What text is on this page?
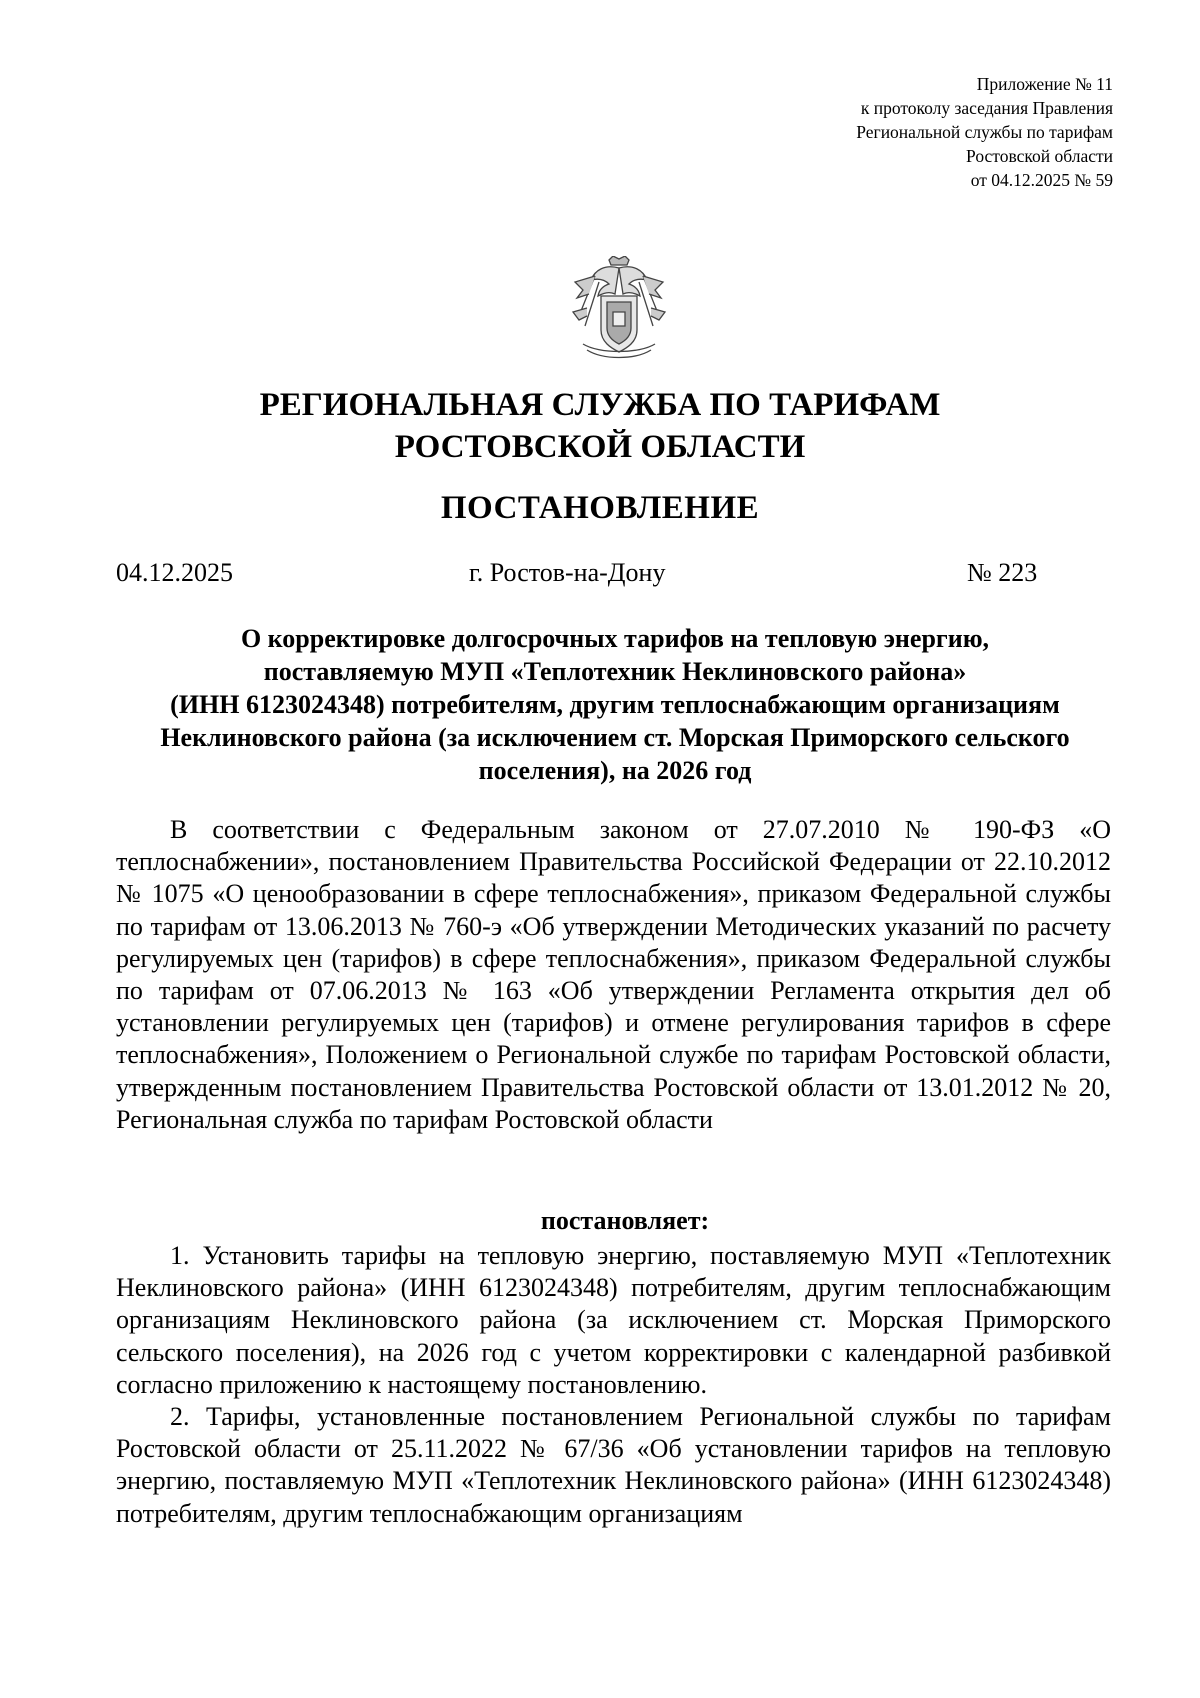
Приложение № 11
к протоколу заседания Правления
Региональной службы по тарифам
Ростовской области
от 04.12.2025 № 59
РЕГИОНАЛЬНАЯ СЛУЖБА ПО ТАРИФАМ
РОСТОВСКОЙ ОБЛАСТИ
ПОСТАНОВЛЕНИЕ
04.12.2025	г. Ростов-на-Дону	№ 223
О корректировке долгосрочных тарифов на тепловую энергию,
поставляемую МУП «Теплотехник Неклиновского района»
(ИНН 6123024348) потребителям, другим теплоснабжающим организациям
Неклиновского района (за исключением ст. Морская Приморского сельского
поселения), на 2026 год

В соответствии с Федеральным законом от 27.07.2010 № 190-ФЗ «О теплоснабжении», постановлением Правительства Российской Федерации от 22.10.2012 № 1075 «О ценообразовании в сфере теплоснабжения», приказом Федеральной службы по тарифам от 13.06.2013 № 760-э «Об утверждении Методических указаний по расчету регулируемых цен (тарифов) в сфере теплоснабжения», приказом Федеральной службы по тарифам от 07.06.2013 № 163 «Об утверждении Регламента открытия дел об установлении регулируемых цен (тарифов) и отмене регулирования тарифов в сфере теплоснабжения», Положением о Региональной службе по тарифам Ростовской области, утвержденным постановлением Правительства Ростовской области от 13.01.2012 № 20, Региональная служба по тарифам Ростовской области

постановляет:

1. Установить тарифы на тепловую энергию, поставляемую МУП «Теплотехник Неклиновского района» (ИНН 6123024348) потребителям, другим теплоснабжающим организациям Неклиновского района (за исключением ст. Морская Приморского сельского поселения), на 2026 год с учетом корректировки с календарной разбивкой согласно приложению к настоящему постановлению.

2. Тарифы, установленные постановлением Региональной службы по тарифам Ростовской области от 25.11.2022 № 67/36 «Об установлении тарифов на тепловую энергию, поставляемую МУП «Теплотехник Неклиновского района» (ИНН 6123024348) потребителям, другим теплоснабжающим организациям
